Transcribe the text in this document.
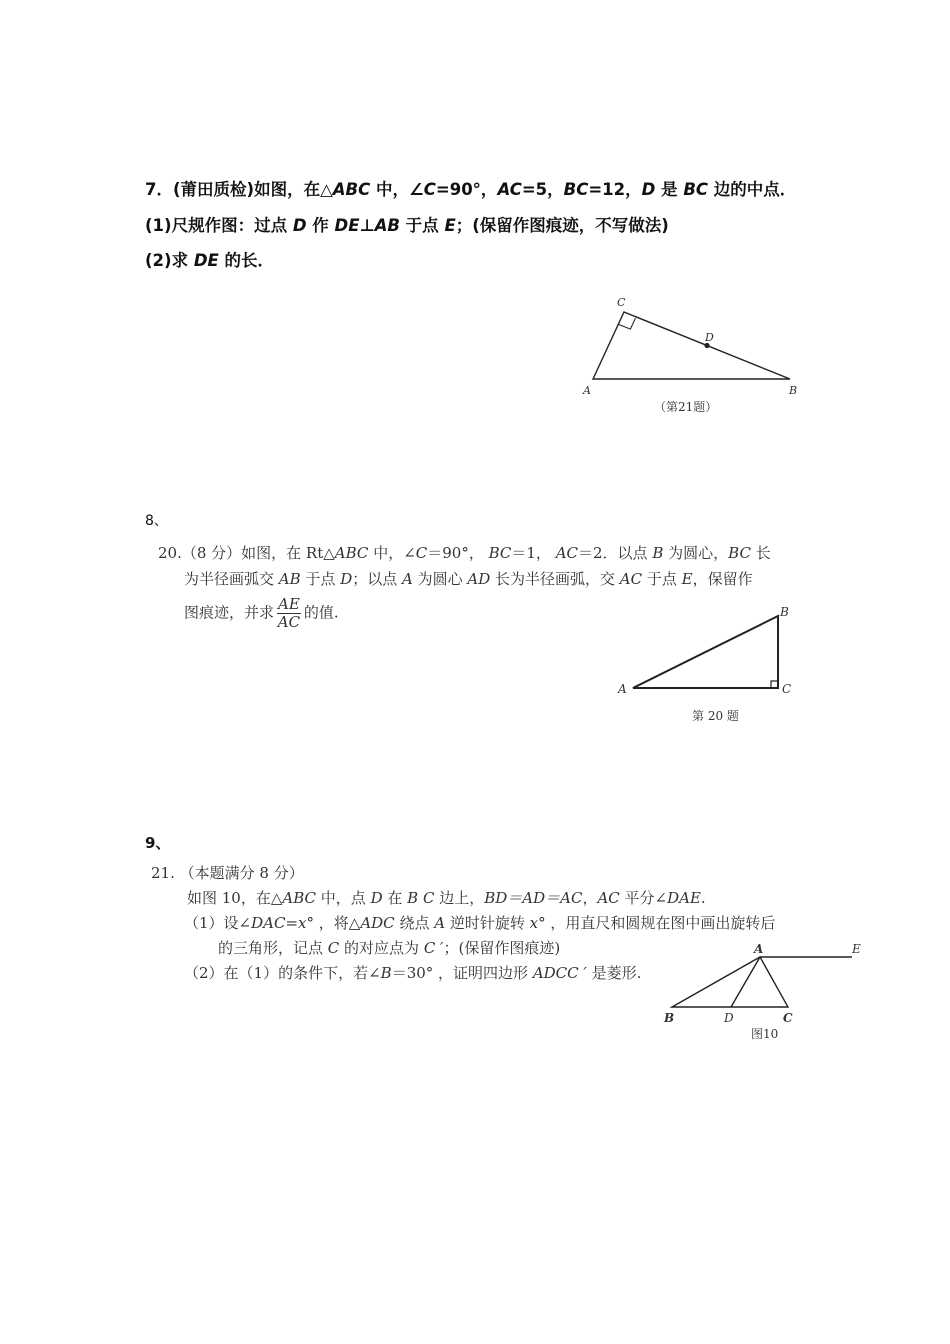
7．(莆田质检)如图，在△ABC 中，∠C=90°，AC=5，BC=12，D 是 BC 边的中点．
(1)尺规作图：过点 D 作 DE⊥AB 于点 E；(保留作图痕迹，不写做法)
(2)求 DE 的长．
C
D
A	B
（第21题）
8、
20.（8 分）如图，在 Rt△ABC 中，∠C＝90°， BC＝1， AC＝2．以点 B 为圆心，BC 长
为半径画弧交 AB 于点 D；以点 A 为圆心 AD 长为半径画弧，交 AC 于点 E，保留作
图痕迹，并求 $\frac{AE}{AC}$ 的值.	B
A	C
第 20 题
9、
21. （本题满分 8 分）
如图 10，在△ABC 中，点 D 在 B C 边上，BD＝AD＝AC，AC 平分∠DAE.
（1）设∠DAC=x° ，将△ADC 绕点 A 逆时针旋转 x° ，用直尺和圆规在图中画出旋转后
的三角形，记点 C 的对应点为 C ′；(保留作图痕迹)
（2）在（1）的条件下，若∠B＝30° ，证明四边形 ADCC ′ 是菱形.
A	E
B	D	C
图10
